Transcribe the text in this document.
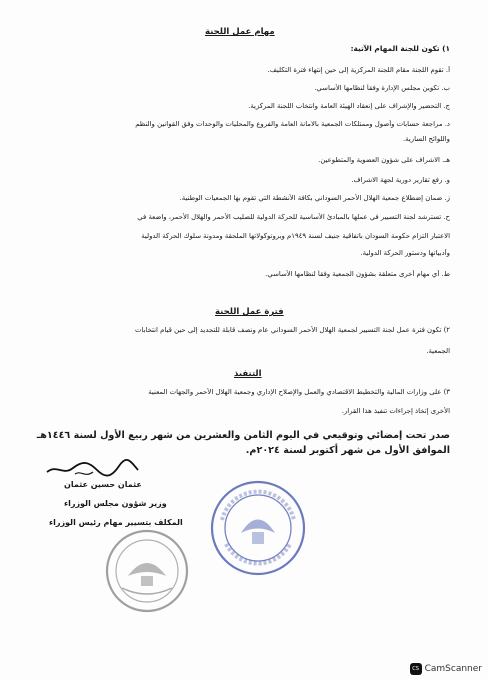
مهام عمل اللجنة
١) تكون للجنة المهام الآتية:
أ. تقوم اللجنة مقام اللجنة المركزية إلى حين إنتهاء فترة التكليف.
ب. تكوين مجلس الإدارة وفقاً لنظامها الأساسي.
ج. التحضير والإشراف على إنعقاد الهيئة العامة وانتخاب اللجنة المركزية.
د. مراجعة حسابات وأصول وممتلكات الجمعية بالامانة العامة والفروع والمحليات والوحدات وفق القوانين والنظم
واللوائح السارية.
هـ. الاشراف على شؤون العضوية والمتطوعين.
و. رفع تقارير دورية لجهة الاشراف.
ز. ضمان إضطلاع جمعية الهلال الأحمر السوداني بكافة الأنشطة التي تقوم بها الجمعيات الوطنية.
ح. تسترشد لجنة التسيير في عملها بالمبادئ الأساسية للحركة الدولية للصليب الأحمر والهلال الأحمر، واضعة في
الاعتبار التزام حكومة السودان باتفاقية جنيف لسنة ١٩٤٩م وبروتوكولاتها الملحقة ومدونة سلوك الحركة الدولية
وأدبياتها ودستور الحركة الدولية.
ط. أي مهام أخرى متعلقة بشؤون الجمعية وفقاً لنظامها الأساسي.
فترة عمل اللجنة
٢) تكون فترة عمل لجنة التسيير لجمعية الهلال الأحمر السوداني عام ونصف قابلة للتجديد إلى حين قيام انتخابات
الجمعية.
التنفيذ
٣) على وزارات المالية والتخطيط الاقتصادي والعمل والإصلاح الإداري وجمعية الهلال الأحمر والجهات المعنية
الأخرى إتخاذ إجراءات تنفيذ هذا القرار.
صدر تحت إمضائي وتوقيعي في اليوم الثامن والعشرين من شهر ربيع الأول لسنة ١٤٤٦هـ الموافق الأول من شهر أكتوبر لسنة ٢٠٢٤م.
عثمان حسين عثمان
وزير شؤون مجلس الوزراء
المكلف بتسيير مهام رئيس الوزراء
CS CamScanner
